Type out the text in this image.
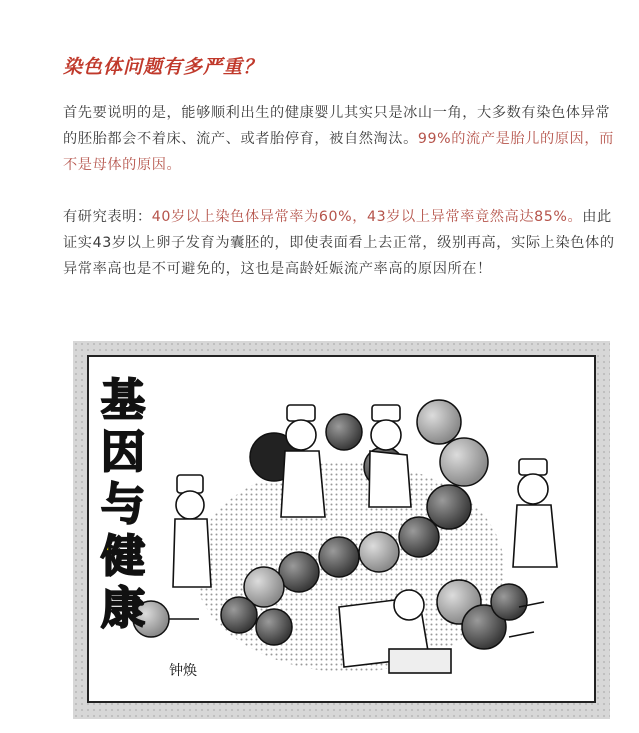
染色体问题有多严重？
首先要说明的是，能够顺利出生的健康婴儿其实只是冰山一角，大多数有染色体异常的胚胎都会不着床、流产、或者胎停育，被自然淘汰。99%的流产是胎儿的原因，而不是母体的原因。
有研究表明：40岁以上染色体异常率为60%，43岁以上异常率竟然高达85%。由此证实43岁以上卵子发育为囊胚的，即使表面看上去正常，级别再高，实际上染色体的异常率高也是不可避免的，这也是高龄妊娠流产率高的原因所在！
基
因
与
健
康
钟焕
